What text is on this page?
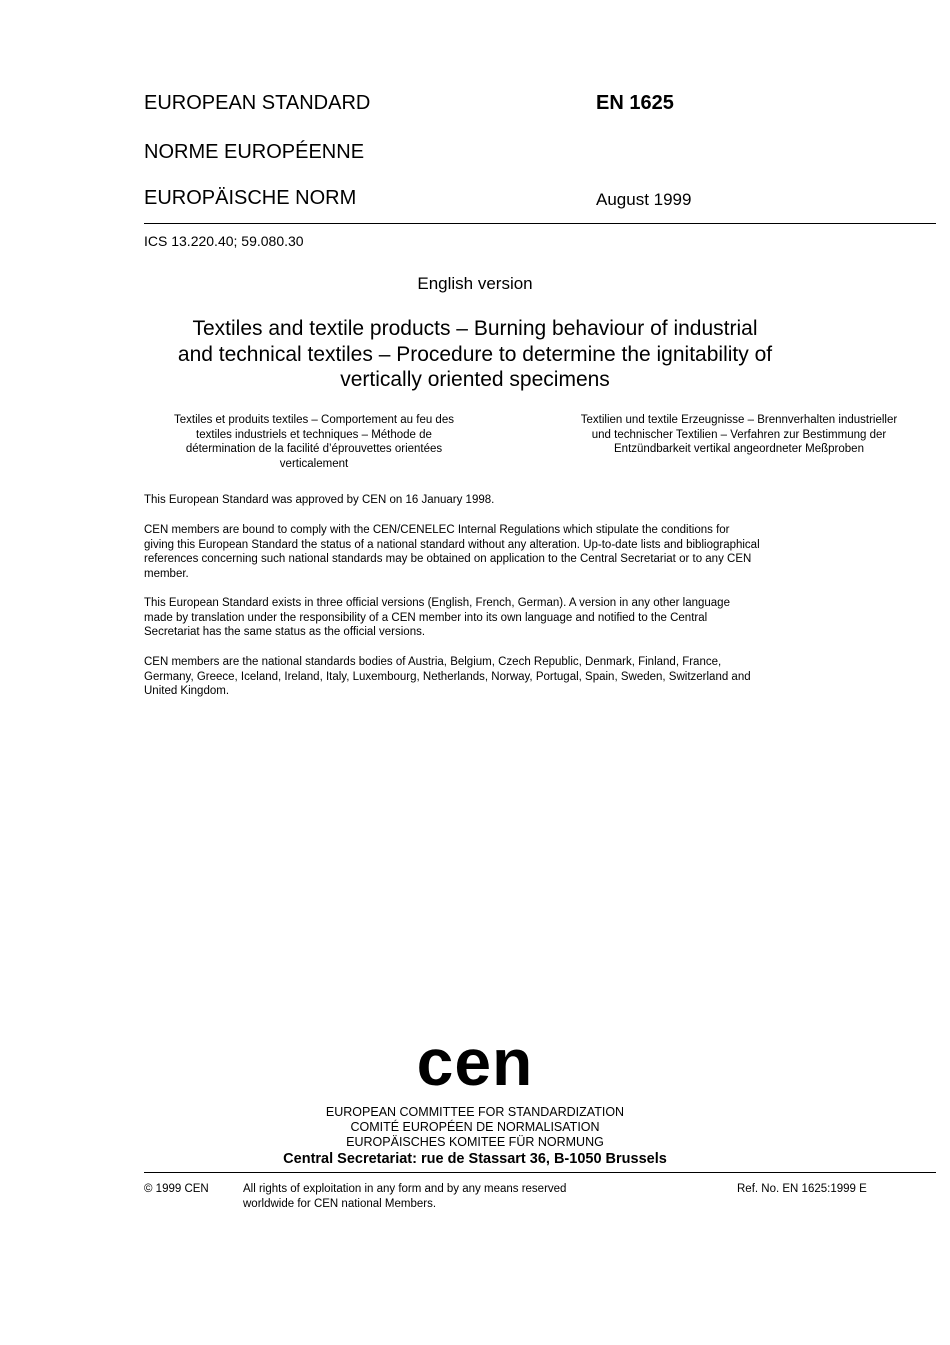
EUROPEAN STANDARD	EN 1625
NORME EUROPÉENNE
EUROPÄISCHE NORM	August 1999
ICS 13.220.40; 59.080.30
English version
Textiles and textile products – Burning behaviour of industrial
and technical textiles – Procedure to determine the ignitability of
vertically oriented specimens
Textiles et produits textiles – Comportement au feu des
textiles industriels et techniques – Méthode de
détermination de la facilité d’éprouvettes orientées
verticalement
Textilien und textile Erzeugnisse – Brennverhalten industrieller
und technischer Textilien – Verfahren zur Bestimmung der
Entzündbarkeit vertikal angeordneter Meßproben
This European Standard was approved by CEN on 16 January 1998.
CEN members are bound to comply with the CEN/CENELEC Internal Regulations which stipulate the conditions for
giving this European Standard the status of a national standard without any alteration. Up-to-date lists and bibliographical
references concerning such national standards may be obtained on application to the Central Secretariat or to any CEN
member.
This European Standard exists in three official versions (English, French, German). A version in any other language
made by translation under the responsibility of a CEN member into its own language and notified to the Central
Secretariat has the same status as the official versions.
CEN members are the national standards bodies of Austria, Belgium, Czech Republic, Denmark, Finland, France,
Germany, Greece, Iceland, Ireland, Italy, Luxembourg, Netherlands, Norway, Portugal, Spain, Sweden, Switzerland and
United Kingdom.
cen
EUROPEAN COMMITTEE FOR STANDARDIZATION
COMITÉ EUROPÉEN DE NORMALISATION
EUROPÄISCHES KOMITEE FÜR NORMUNG
Central Secretariat: rue de Stassart 36, B-1050 Brussels
© 1999 CEN	All rights of exploitation in any form and by any means reserved
worldwide for CEN national Members.
Ref. No. EN 1625:1999 E
